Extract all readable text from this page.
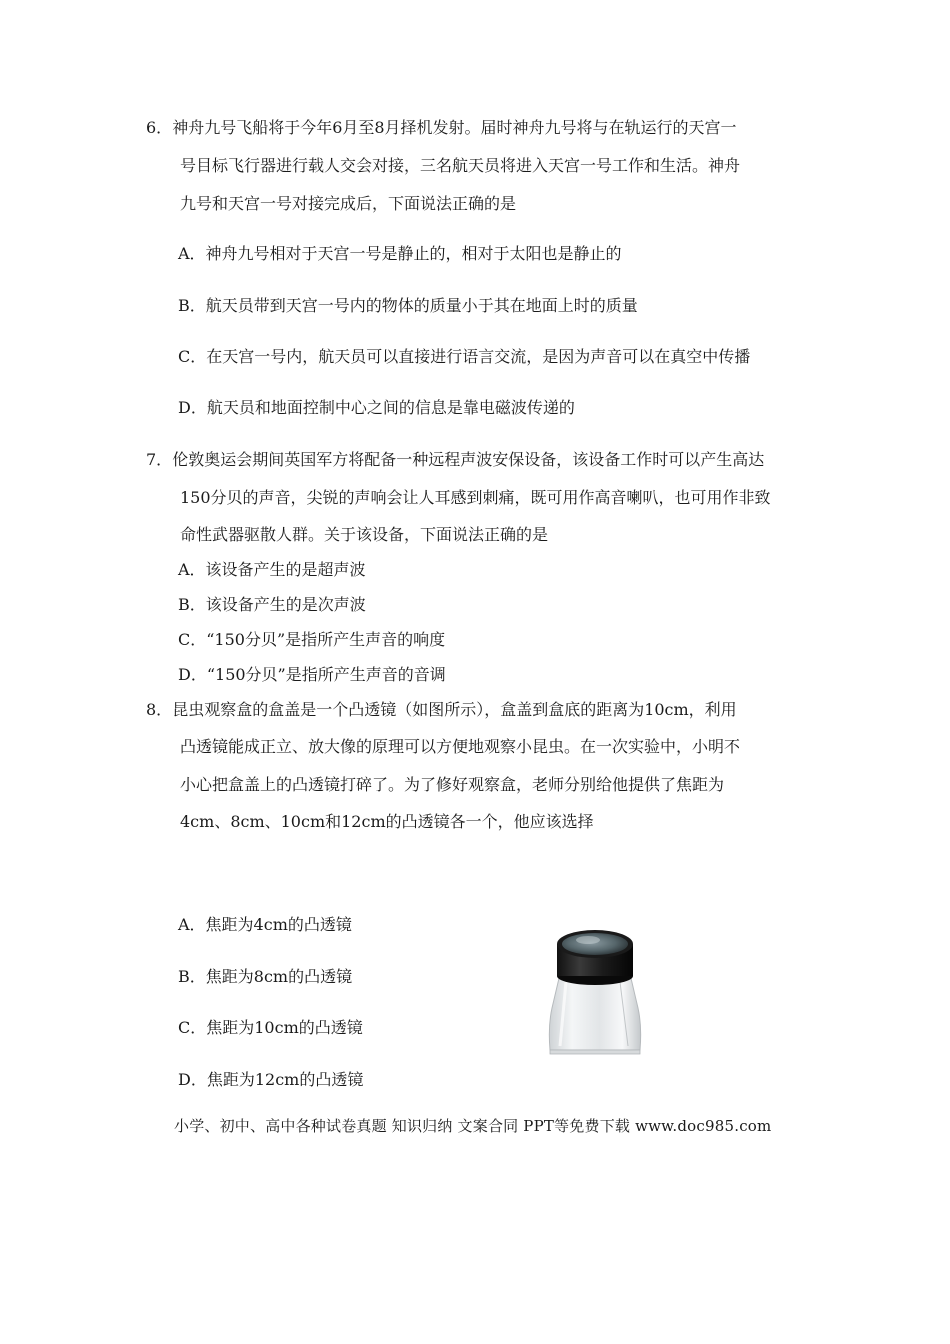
6．神舟九号飞船将于今年6月至8月择机发射。届时神舟九号将与在轨运行的天宫一
号目标飞行器进行载人交会对接，三名航天员将进入天宫一号工作和生活。神舟
九号和天宫一号对接完成后，下面说法正确的是
A．神舟九号相对于天宫一号是静止的，相对于太阳也是静止的
B．航天员带到天宫一号内的物体的质量小于其在地面上时的质量
C．在天宫一号内，航天员可以直接进行语言交流，是因为声音可以在真空中传播
D．航天员和地面控制中心之间的信息是靠电磁波传递的
7．伦敦奥运会期间英国军方将配备一种远程声波安保设备，该设备工作时可以产生高达
150分贝的声音，尖锐的声响会让人耳感到刺痛，既可用作高音喇叭，也可用作非致
命性武器驱散人群。关于该设备，下面说法正确的是
A．该设备产生的是超声波
B．该设备产生的是次声波
C．“150分贝”是指所产生声音的响度
D．“150分贝”是指所产生声音的音调
8．昆虫观察盒的盒盖是一个凸透镜（如图所示），盒盖到盒底的距离为10cm，利用
凸透镜能成正立、放大像的原理可以方便地观察小昆虫。在一次实验中，小明不
小心把盒盖上的凸透镜打碎了。为了修好观察盒，老师分别给他提供了焦距为
4cm、8cm、10cm和12cm的凸透镜各一个，他应该选择
A．焦距为4cm的凸透镜
B．焦距为8cm的凸透镜
C．焦距为10cm的凸透镜
D．焦距为12cm的凸透镜
小学、初中、高中各种试卷真题 知识归纳 文案合同 PPT等免费下载 www.doc985.com
